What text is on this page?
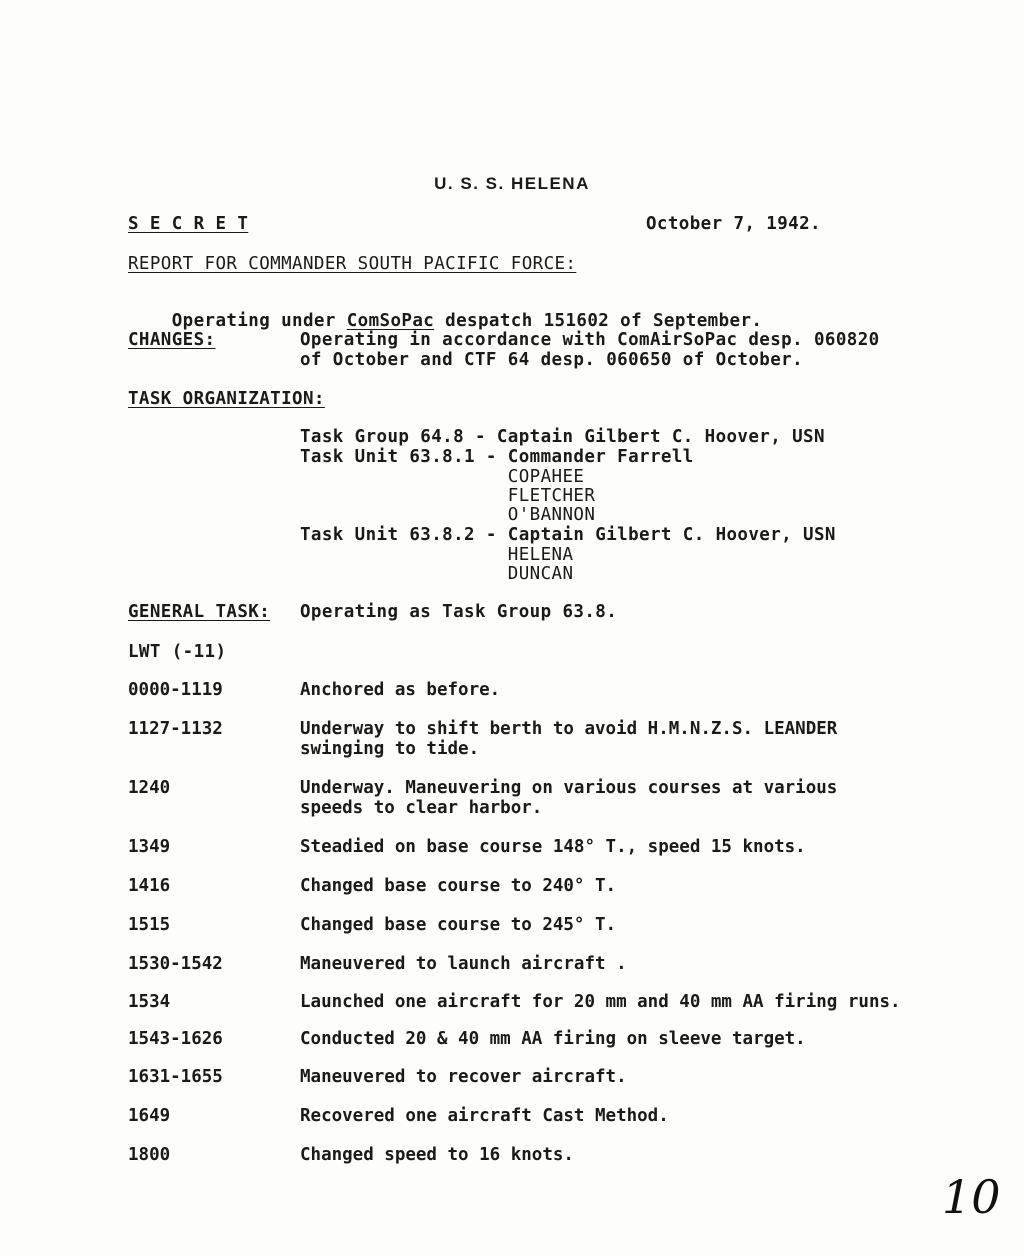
U. S. S. HELENA
S E C R E T	October 7, 1942.
REPORT FOR COMMANDER SOUTH PACIFIC FORCE:

Operating under ComSoPac despatch 151602 of September.

CHANGES:	Operating in accordance with ComAirSoPac desp. 060820
of October and CTF 64 desp. 060650 of October.
TASK ORGANIZATION:
Task Group 64.8 - Captain Gilbert C. Hoover, USN
Task Unit 63.8.1 - Commander Farrell
COPAHEE
FLETCHER
O'BANNON
Task Unit 63.8.2 - Captain Gilbert C. Hoover, USN
HELENA
DUNCAN
GENERAL TASK: Operating as Task Group 63.8.
LWT (-11)
0000-1119	Anchored as before.
1127-1132	Underway to shift berth to avoid H.M.N.Z.S. LEANDER
swinging to tide.
1240	Underway. Maneuvering on various courses at various
speeds to clear harbor.
1349	Steadied on base course 148° T., speed 15 knots.
1416	Changed base course to 240° T.
1515	Changed base course to 245° T.
1530-1542	Maneuvered to launch aircraft .
1534	Launched one aircraft for 20 mm and 40 mm AA firing runs.
1543-1626	Conducted 20 & 40 mm AA firing on sleeve target.
1631-1655	Maneuvered to recover aircraft.
1649	Recovered one aircraft Cast Method.
1800	Changed speed to 16 knots.
10
